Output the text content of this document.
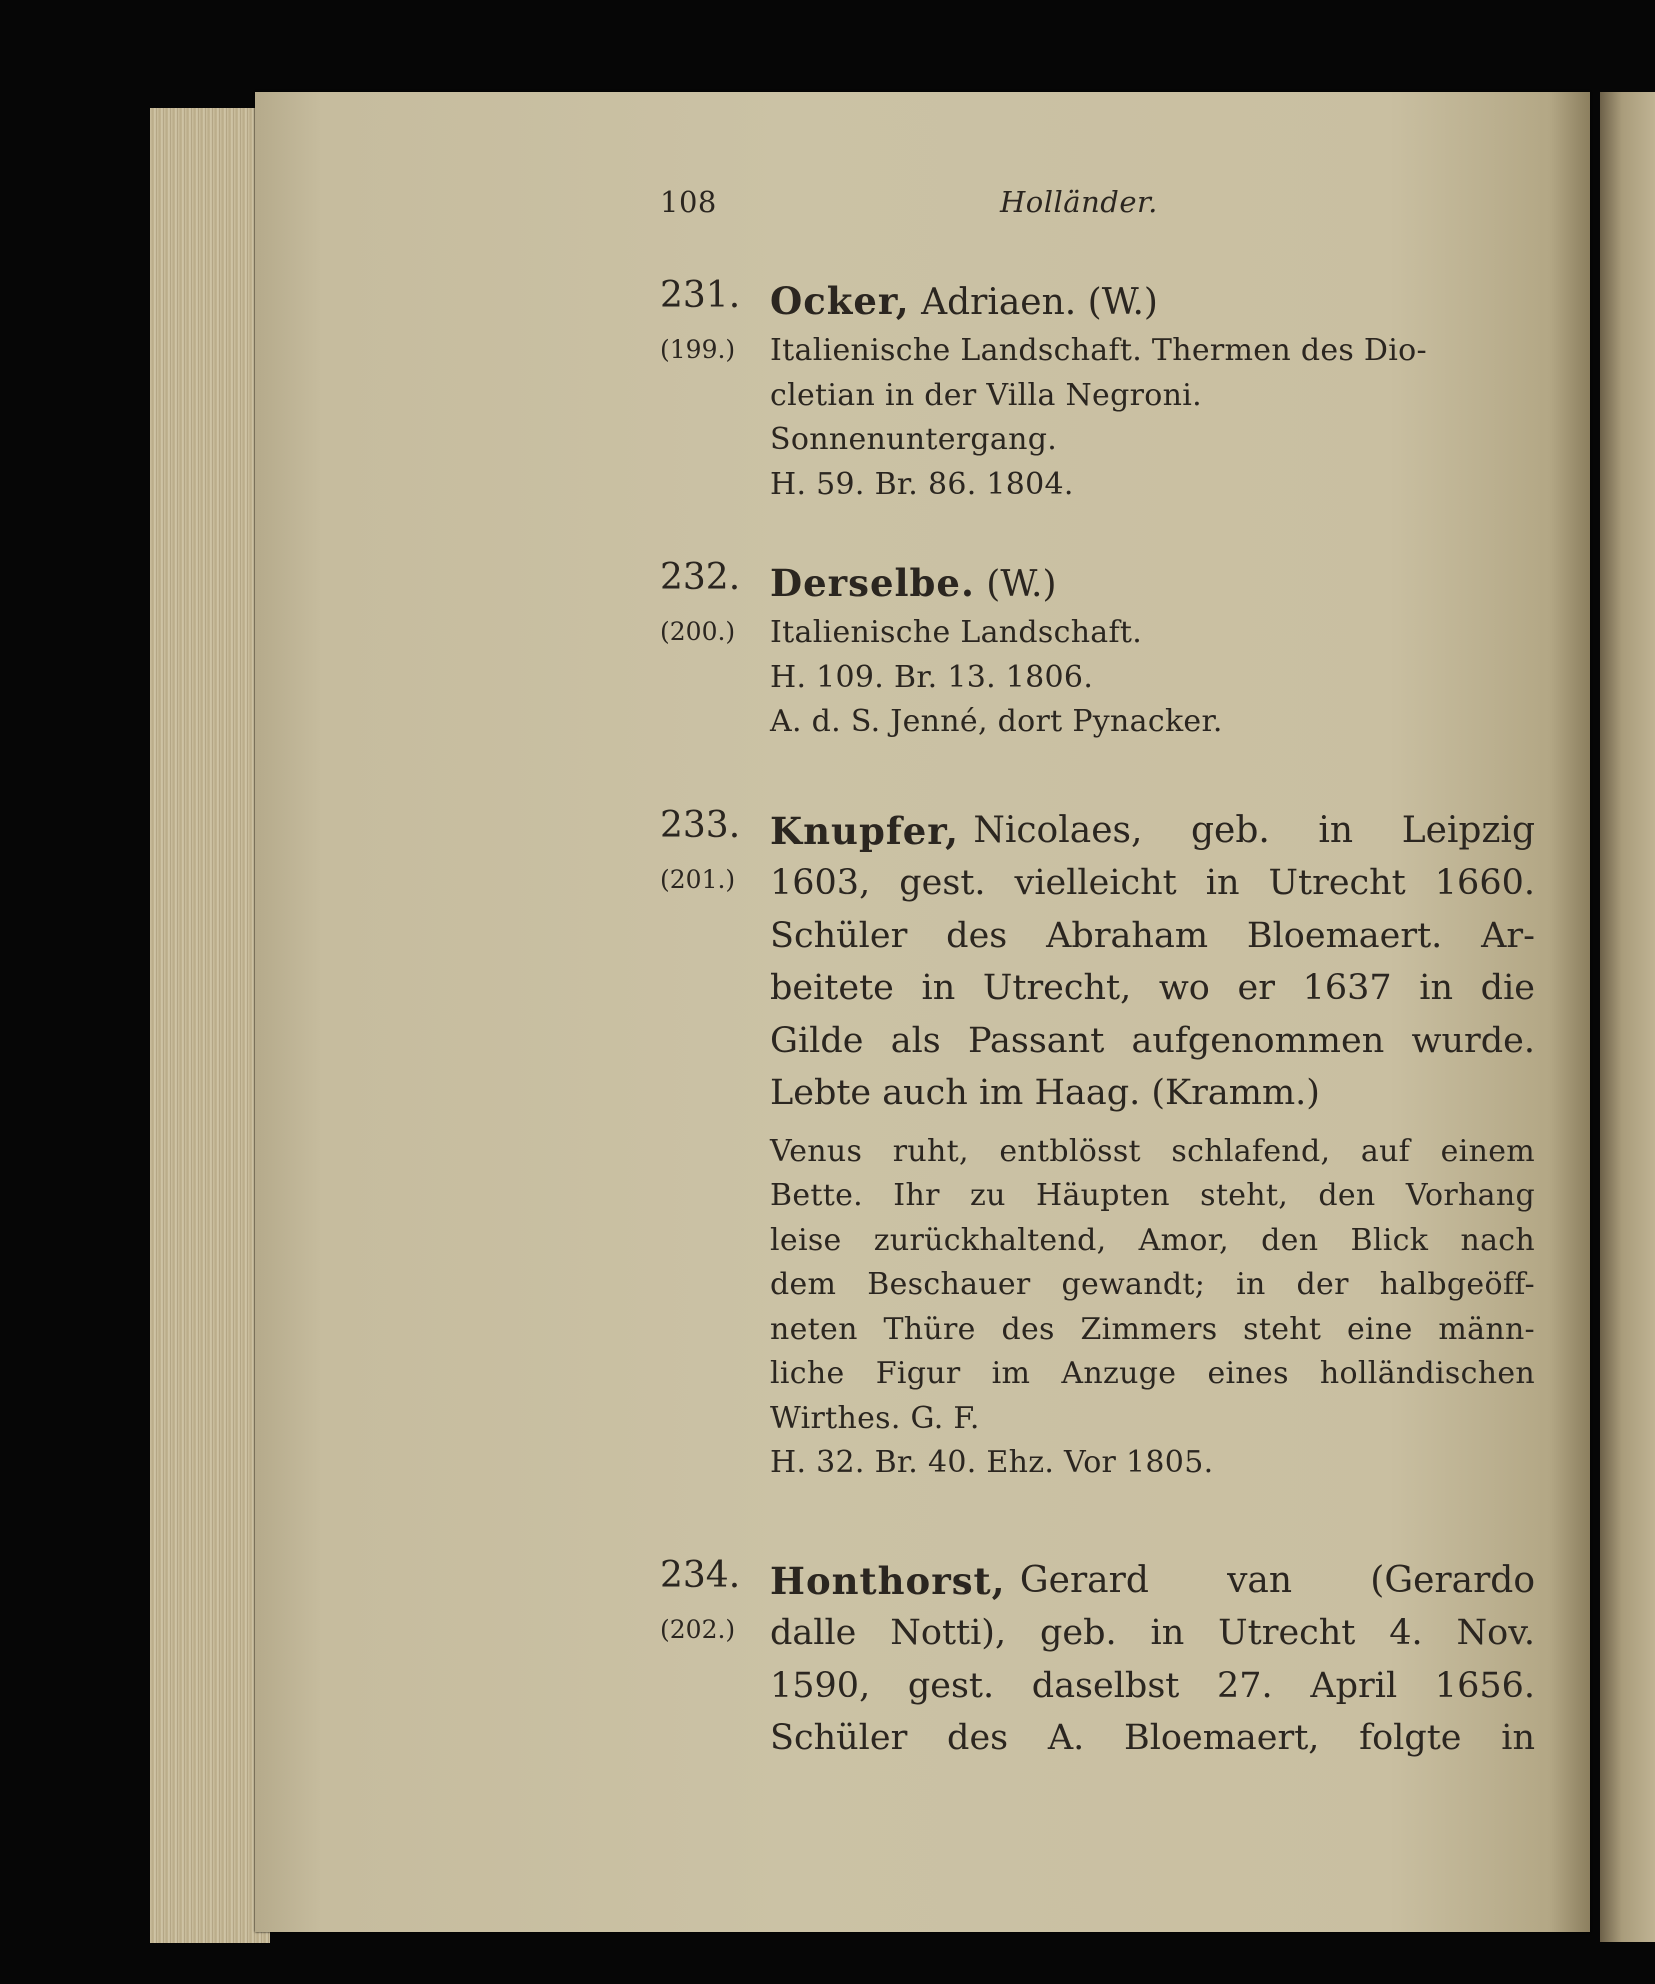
108	Holländer.
231.
(199.)
Ocker, Adriaen. (W.)
Italienische Landschaft. Thermen des Dio-
cletian in der Villa Negroni.
Sonnenuntergang.
H. 59. Br. 86. 1804.
232.
(200.)
Derselbe. (W.)
Italienische Landschaft.
H. 109. Br. 13. 1806.
A. d. S. Jenné, dort Pynacker.
233.
(201.)
Knupfer, Nicolaes, geb. in Leipzig
1603, gest. vielleicht in Utrecht 1660.
Schüler des Abraham Bloemaert. Ar-
beitete in Utrecht, wo er 1637 in die
Gilde als Passant aufgenommen wurde.
Lebte auch im Haag. (Kramm.)
Venus ruht, entblösst schlafend, auf einem
Bette. Ihr zu Häupten steht, den Vorhang
leise zurückhaltend, Amor, den Blick nach
dem Beschauer gewandt; in der halbgeöff-
neten Thüre des Zimmers steht eine männ-
liche Figur im Anzuge eines holländischen
Wirthes. G. F.
H. 32. Br. 40. Ehz. Vor 1805.
234.
(202.)
Honthorst, Gerard van (Gerardo
dalle Notti), geb. in Utrecht 4. Nov.
1590, gest. daselbst 27. April 1656.
Schüler des A. Bloemaert, folgte in
